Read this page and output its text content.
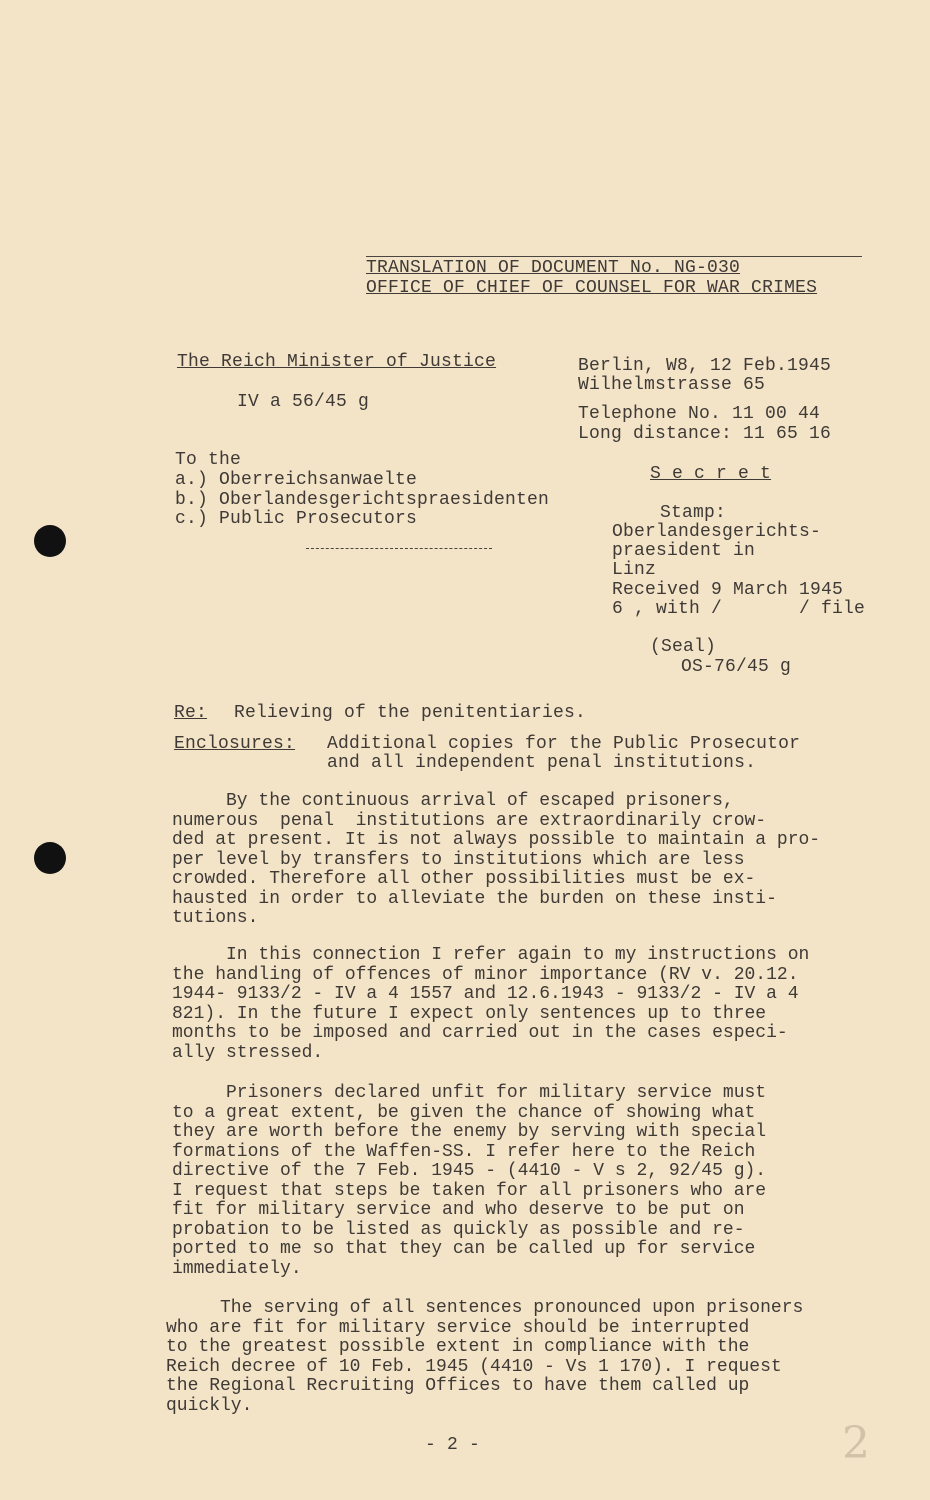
TRANSLATION OF DOCUMENT No. NG-030
OFFICE OF CHIEF OF COUNSEL FOR WAR CRIMES
The Reich Minister of Justice
IV a 56/45 g
Berlin, W8, 12 Feb.1945
Wilhelmstrasse 65
Telephone No. 11 00 44
Long distance: 11 65 16
To the
a.) Oberreichsanwaelte
b.) Oberlandesgerichtspraesidenten
c.) Public Prosecutors
S e c r e t
Stamp:
Oberlandesgerichts-
praesident in
Linz
Received 9 March 1945
6 , with /       / file
(Seal)
OS-76/45 g
Re: Relieving of the penitentiaries.
Enclosures: Additional copies for the Public Prosecutor
and all independent penal institutions.
By the continuous arrival of escaped prisoners,
numerous  penal  institutions are extraordinarily crow-
ded at present. It is not always possible to maintain a pro-
per level by transfers to institutions which are less
crowded. Therefore all other possibilities must be ex-
hausted in order to alleviate the burden on these insti-
tutions.
In this connection I refer again to my instructions on
the handling of offences of minor importance (RV v. 20.12.
1944- 9133/2 - IV a 4 1557 and 12.6.1943 - 9133/2 - IV a 4
821). In the future I expect only sentences up to three
months to be imposed and carried out in the cases especi-
ally stressed.
Prisoners declared unfit for military service must
to a great extent, be given the chance of showing what
they are worth before the enemy by serving with special
formations of the Waffen-SS. I refer here to the Reich
directive of the 7 Feb. 1945 - (4410 - V s 2, 92/45 g).
I request that steps be taken for all prisoners who are
fit for military service and who deserve to be put on
probation to be listed as quickly as possible and re-
ported to me so that they can be called up for service
immediately.
The serving of all sentences pronounced upon prisoners
who are fit for military service should be interrupted
to the greatest possible extent in compliance with the
Reich decree of 10 Feb. 1945 (4410 - Vs 1 170). I request
the Regional Recruiting Offices to have them called up
quickly.
- 2 -	2
